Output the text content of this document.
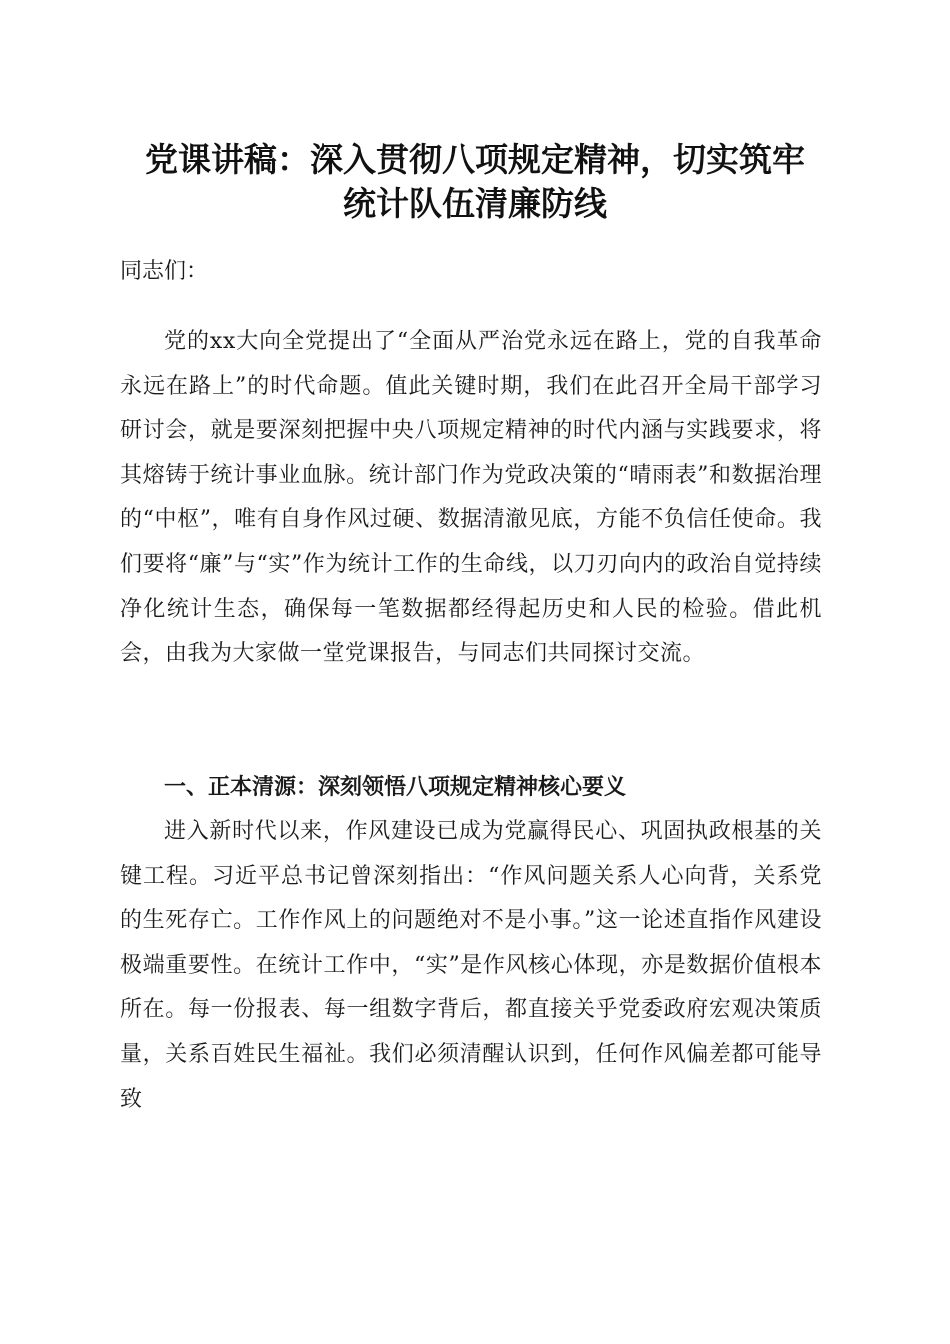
党课讲稿：深入贯彻八项规定精神，切实筑牢
统计队伍清廉防线

同志们：

党的xx大向全党提出了“全面从严治党永远在路上，党的自我革命永远在路上”的时代命题。值此关键时期，我们在此召开全局干部学习研讨会，就是要深刻把握中央八项规定精神的时代内涵与实践要求，将其熔铸于统计事业血脉。统计部门作为党政决策的“晴雨表”和数据治理的“中枢”，唯有自身作风过硬、数据清澈见底，方能不负信任使命。我们要将“廉”与“实”作为统计工作的生命线，以刀刃向内的政治自觉持续净化统计生态，确保每一笔数据都经得起历史和人民的检验。借此机会，由我为大家做一堂党课报告，与同志们共同探讨交流。

一、正本清源：深刻领悟八项规定精神核心要义

进入新时代以来，作风建设已成为党赢得民心、巩固执政根基的关键工程。习近平总书记曾深刻指出：“作风问题关系人心向背，关系党的生死存亡。工作作风上的问题绝对不是小事。”这一论述直指作风建设极端重要性。在统计工作中，“实”是作风核心体现，亦是数据价值根本所在。每一份报表、每一组数字背后，都直接关乎党委政府宏观决策质量，关系百姓民生福祉。我们必须清醒认识到，任何作风偏差都可能导致
